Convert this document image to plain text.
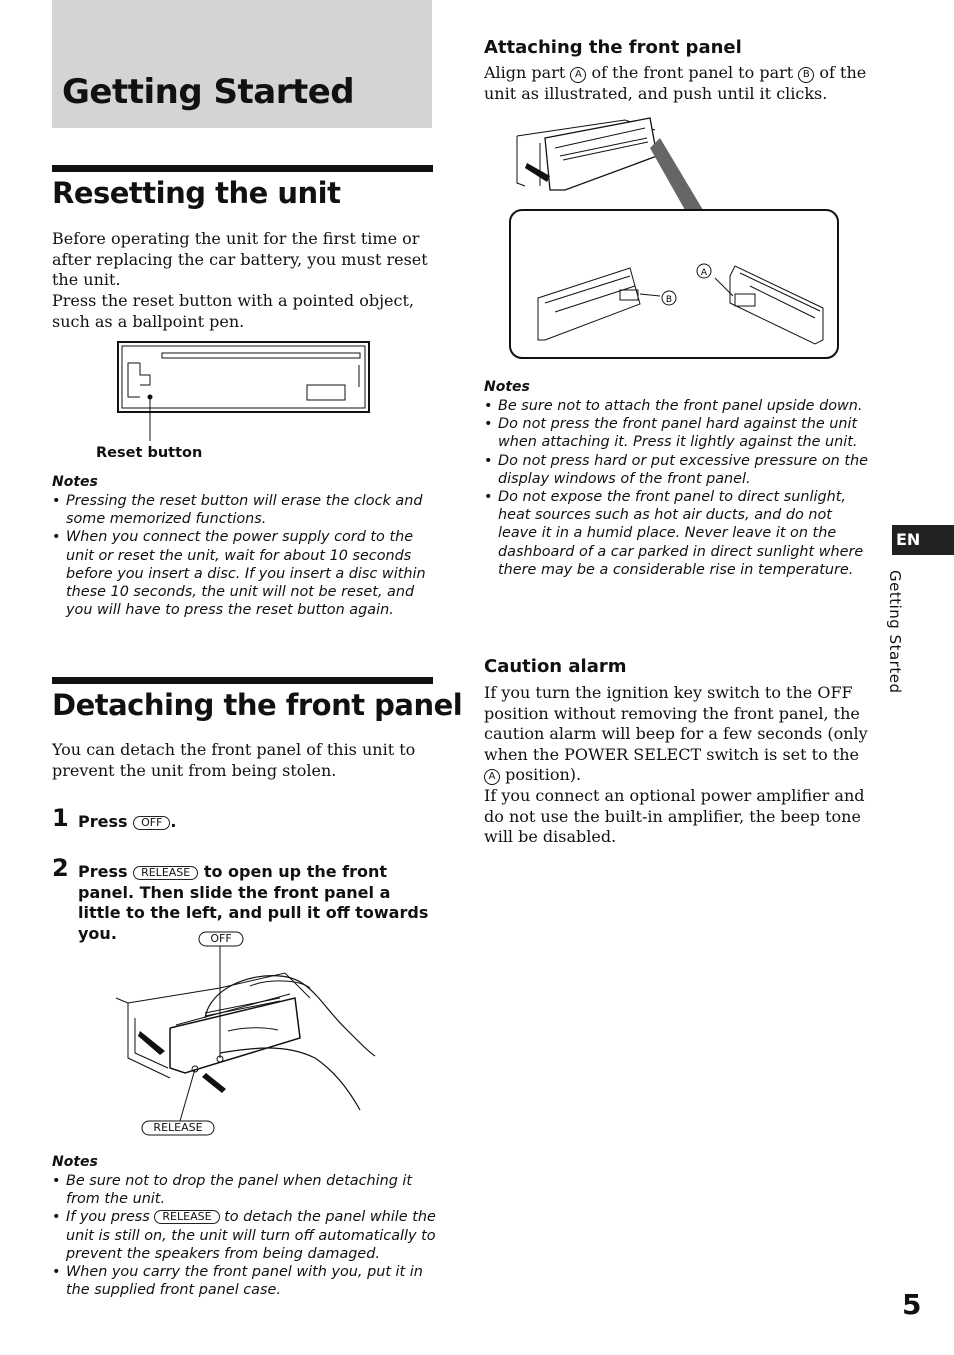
Getting Started
Resetting the unit
Before operating the unit for the first time or after replacing the car battery, you must reset the unit.
Press the reset button with a pointed object, such as a ballpoint pen.
Reset button
Notes
• Pressing the reset button will erase the clock and some memorized functions.
• When you connect the power supply cord to the unit or reset the unit, wait for about 10 seconds before you insert a disc. If you insert a disc within these 10 seconds, the unit will not be reset, and you will have to press the reset button again.
Detaching the front panel
You can detach the front panel of this unit to prevent the unit from being stolen.
1 Press OFF .
2 Press RELEASE to open up the front panel. Then slide the front panel a little to the left, and pull it off towards you.	OFF
RELEASE
Notes
• Be sure not to drop the panel when detaching it from the unit.
• If you press RELEASE to detach the panel while the unit is still on, the unit will turn off automatically to prevent the speakers from being damaged.
• When you carry the front panel with you, put it in the supplied front panel case.
Attaching the front panel
Align part A of the front panel to part B of the unit as illustrated, and push until it clicks.
A
B
Notes
• Be sure not to attach the front panel upside down.
• Do not press the front panel hard against the unit when attaching it. Press it lightly against the unit.
• Do not press hard or put excessive pressure on the display windows of the front panel.
• Do not expose the front panel to direct sunlight, heat sources such as hot air ducts, and do not leave it in a humid place. Never leave it on the dashboard of a car parked in direct sunlight where there may be a considerable rise in temperature.
Caution alarm
If you turn the ignition key switch to the OFF position without removing the front panel, the caution alarm will beep for a few seconds (only when the POWER SELECT switch is set to the A position).
If you connect an optional power amplifier and do not use the built-in amplifier, the beep tone will be disabled.
EN
Getting Started
5
